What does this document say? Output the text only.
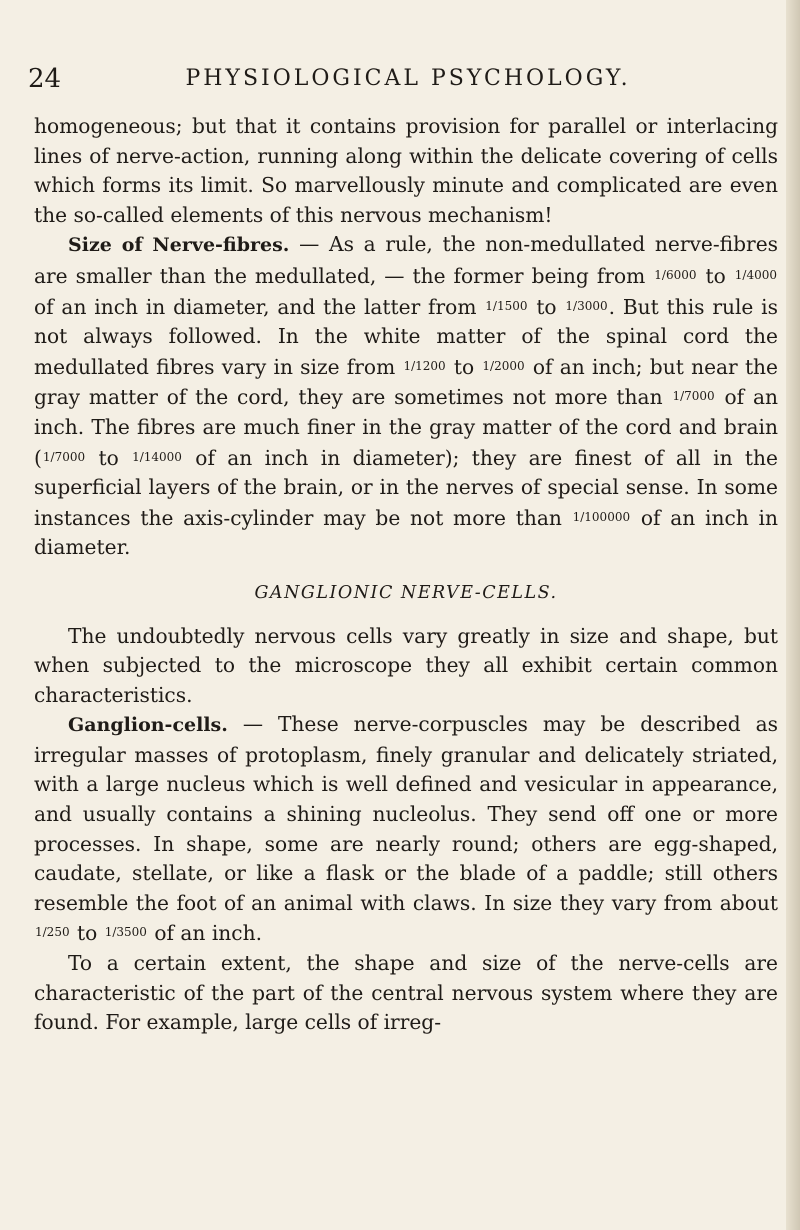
24	PHYSIOLOGICAL PSYCHOLOGY.

homogeneous; but that it contains provision for parallel or interlacing lines of nerve-action, running along within the delicate covering of cells which forms its limit. So marvellously minute and complicated are even the so-called elements of this nervous mechanism!

Size of Nerve-fibres. — As a rule, the non-medullated nerve-fibres are smaller than the medullated, — the former being from 1/6000 to 1/4000 of an inch in diameter, and the latter from 1/1500 to 1/3000. But this rule is not always followed. In the white matter of the spinal cord the medullated fibres vary in size from 1/1200 to 1/2000 of an inch; but near the gray matter of the cord, they are sometimes not more than 1/7000 of an inch. The fibres are much finer in the gray matter of the cord and brain (1/7000 to 1/14000 of an inch in diameter); they are finest of all in the superficial layers of the brain, or in the nerves of special sense. In some instances the axis-cylinder may be not more than 1/100000 of an inch in diameter.

GANGLIONIC NERVE-CELLS.

The undoubtedly nervous cells vary greatly in size and shape, but when subjected to the microscope they all exhibit certain common characteristics.

Ganglion-cells. — These nerve-corpuscles may be described as irregular masses of protoplasm, finely granular and delicately striated, with a large nucleus which is well defined and vesicular in appearance, and usually contains a shining nucleolus. They send off one or more processes. In shape, some are nearly round; others are egg-shaped, caudate, stellate, or like a flask or the blade of a paddle; still others resemble the foot of an animal with claws. In size they vary from about 1/250 to 1/3500 of an inch.

To a certain extent, the shape and size of the nerve-cells are characteristic of the part of the central nervous system where they are found. For example, large cells of irreg-
